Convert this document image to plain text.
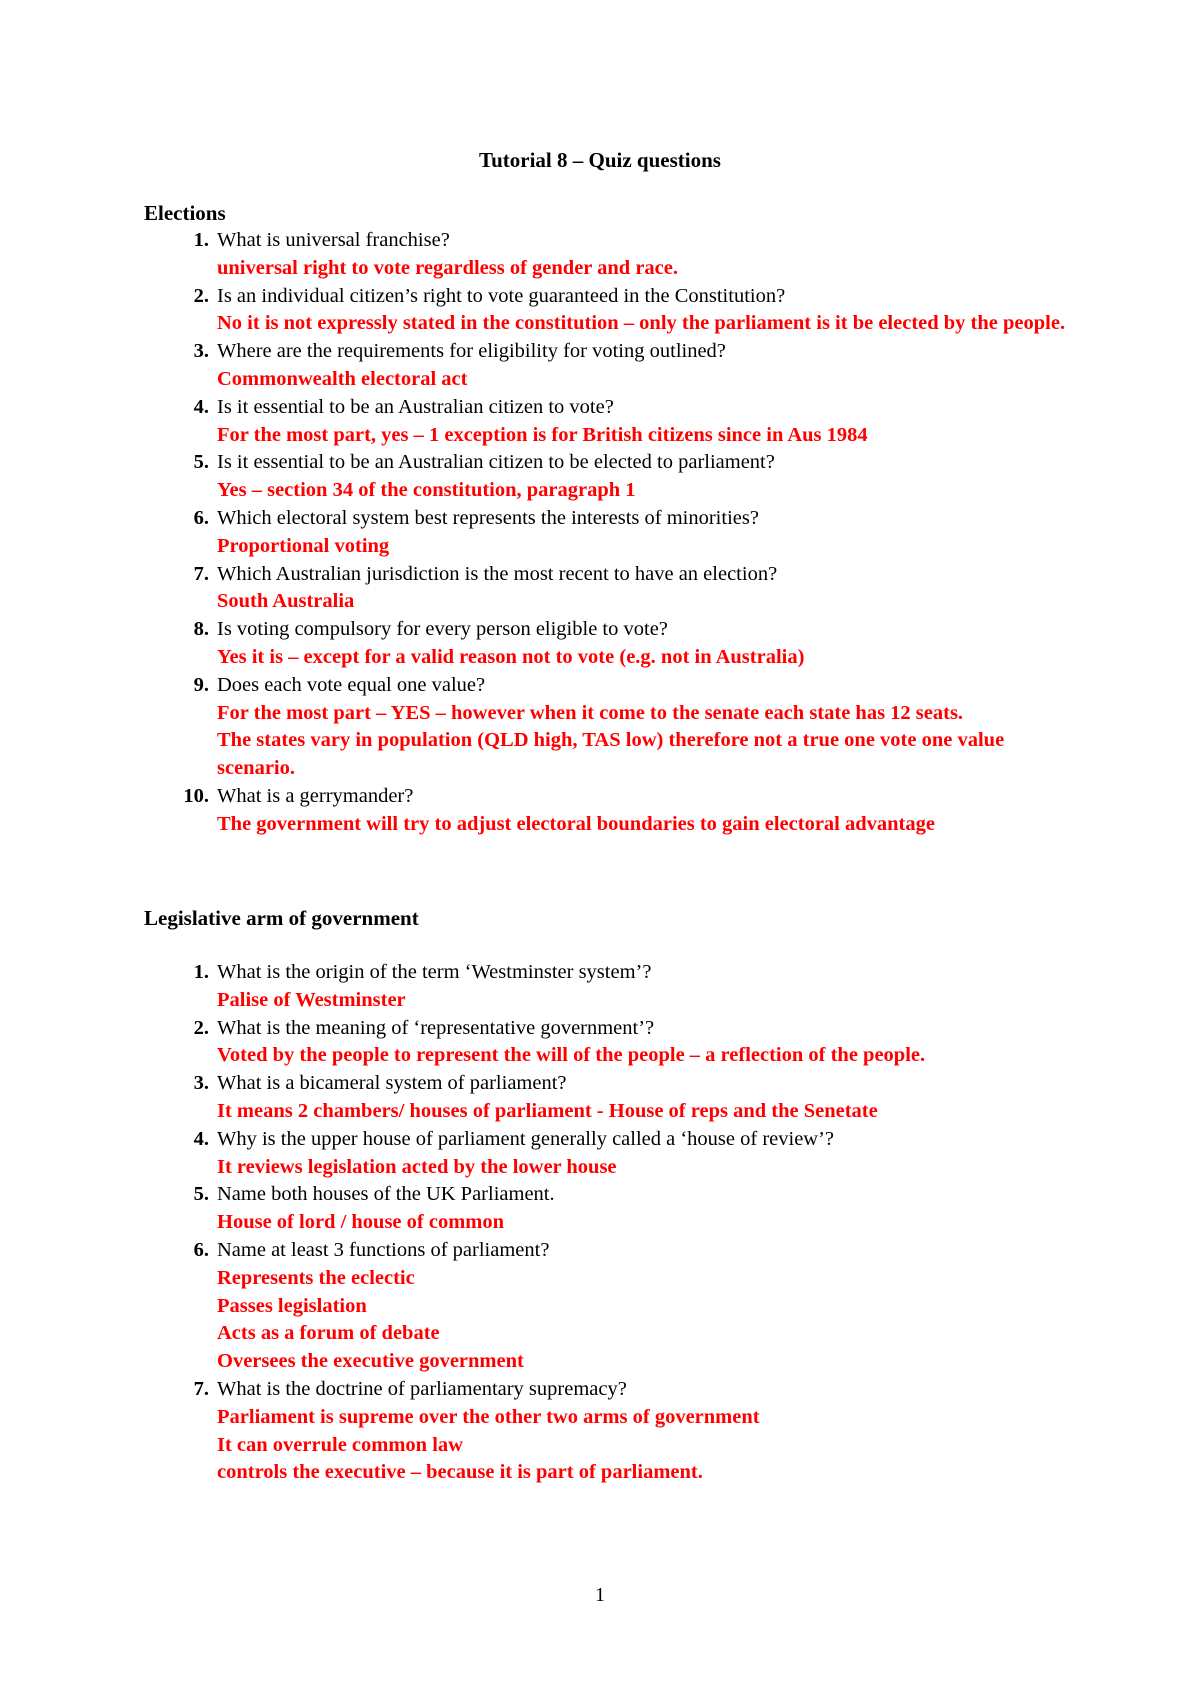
Tutorial 8 – Quiz questions
Elections
1. What is universal franchise?
universal right to vote regardless of gender and race.
2. Is an individual citizen’s right to vote guaranteed in the Constitution?
No it is not expressly stated in the constitution – only the parliament is it be elected by the people.
3. Where are the requirements for eligibility for voting outlined?
Commonwealth electoral act
4. Is it essential to be an Australian citizen to vote?
For the most part, yes – 1 exception is for British citizens since in Aus 1984
5. Is it essential to be an Australian citizen to be elected to parliament?
Yes – section 34 of the constitution, paragraph 1
6. Which electoral system best represents the interests of minorities?
Proportional voting
7. Which Australian jurisdiction is the most recent to have an election?
South Australia
8. Is voting compulsory for every person eligible to vote?
Yes it is – except for a valid reason not to vote (e.g. not in Australia)
9. Does each vote equal one value?
For the most part – YES – however when it come to the senate each state has 12 seats.
The states vary in population (QLD high, TAS low) therefore not a true one vote one value scenario.
10. What is a gerrymander?
The government will try to adjust electoral boundaries to gain electoral advantage
Legislative arm of government
1. What is the origin of the term ‘Westminster system’?
Palise of Westminster
2. What is the meaning of ‘representative government’?
Voted by the people to represent the will of the people – a reflection of the people.
3. What is a bicameral system of parliament?
It means 2 chambers/ houses of parliament - House of reps and the Senetate
4. Why is the upper house of parliament generally called a ‘house of review’?
It reviews legislation acted by the lower house
5. Name both houses of the UK Parliament.
House of lord / house of common
6. Name at least 3 functions of parliament?
Represents the eclectic
Passes legislation
Acts as a forum of debate
Oversees the executive government
7. What is the doctrine of parliamentary supremacy?
Parliament is supreme over the other two arms of government
It can overrule common law
controls the executive – because it is part of parliament.
1
